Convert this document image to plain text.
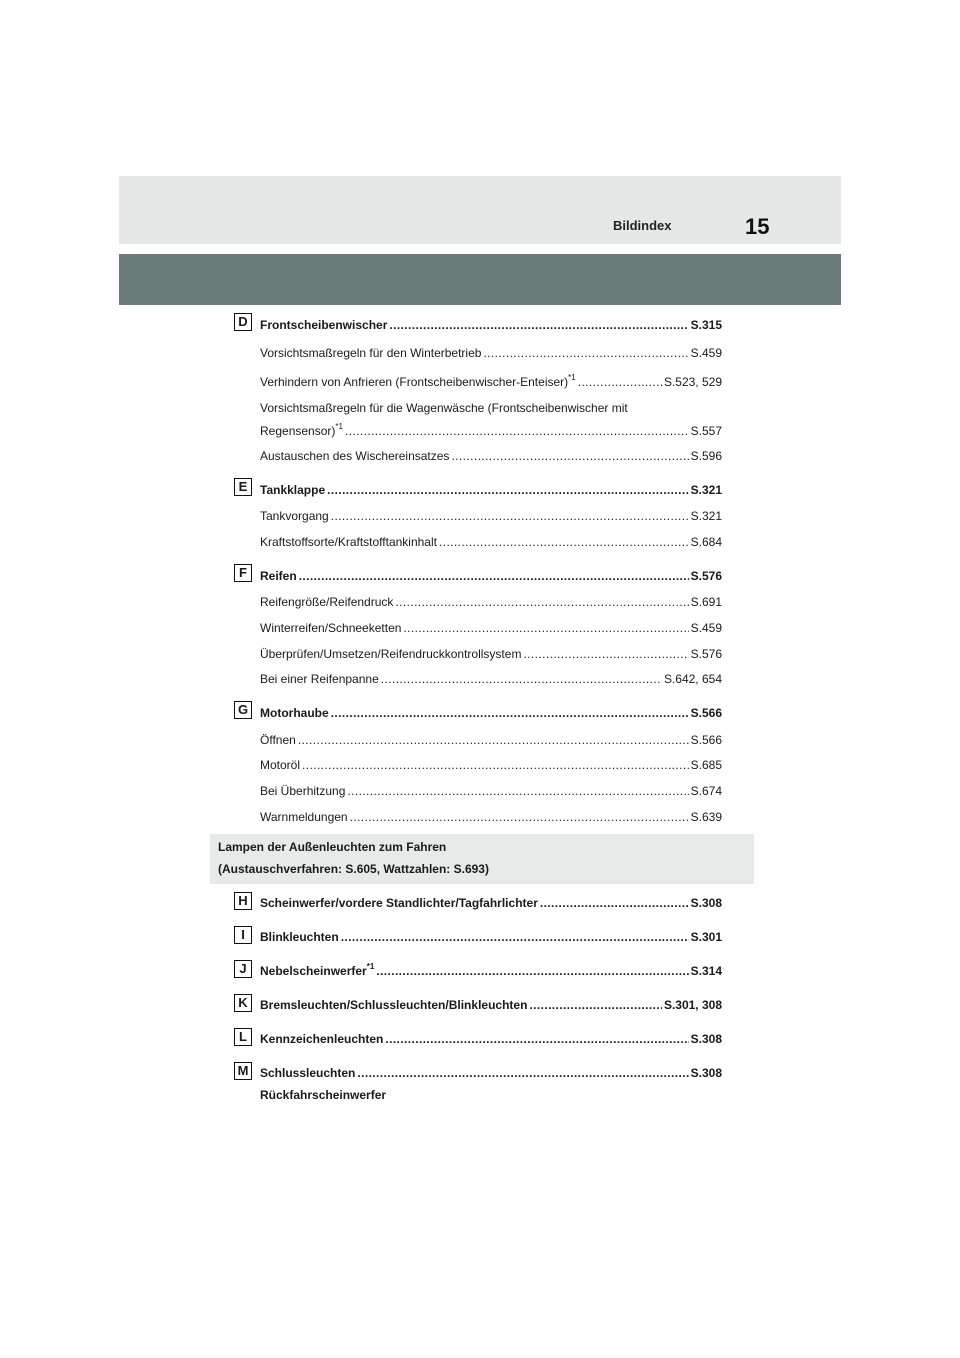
Bildindex	15
D	Frontscheibenwischer .....	S.315
Vorsichtsmaßregeln für den Winterbetrieb .....	S.459
Verhindern von Anfrieren (Frontscheibenwischer-Enteiser)$^{*1}$ .....	S.523, 529
Vorsichtsmaßregeln für die Wagenwäsche (Frontscheibenwischer mit
Regensensor)$^{*1}$ .....	S.557
Austauschen des Wischereinsatzes .....	S.596
E	Tankklappe .....	S.321
Tankvorgang .....	S.321
Kraftstoffsorte/Kraftstofftankinhalt .....	S.684
F	Reifen .....	S.576
Reifengröße/Reifendruck .....	S.691
Winterreifen/Schneeketten .....	S.459
Überprüfen/Umsetzen/Reifendruckkontrollsystem .....	S.576
Bei einer Reifenpanne .....	S.642, 654
G Motorhaube .....	S.566
Öffnen .....	S.566
Motoröl .....	S.685
Bei Überhitzung .....	S.674
Warnmeldungen .....	S.639
Lampen der Außenleuchten zum Fahren
(Austauschverfahren: S.605, Wattzahlen: S.693)
H	Scheinwerfer/vordere Standlichter/Tagfahrlichter .....	S.308
I	Blinkleuchten .....	S.301
J	Nebelscheinwerfer$^{*1}$ .....	S.314
K	Bremsleuchten/Schlussleuchten/Blinkleuchten .....	S.301, 308
L	Kennzeichenleuchten .....	S.308
M Schlussleuchten .....	S.308
Rückfahrscheinwerfer
